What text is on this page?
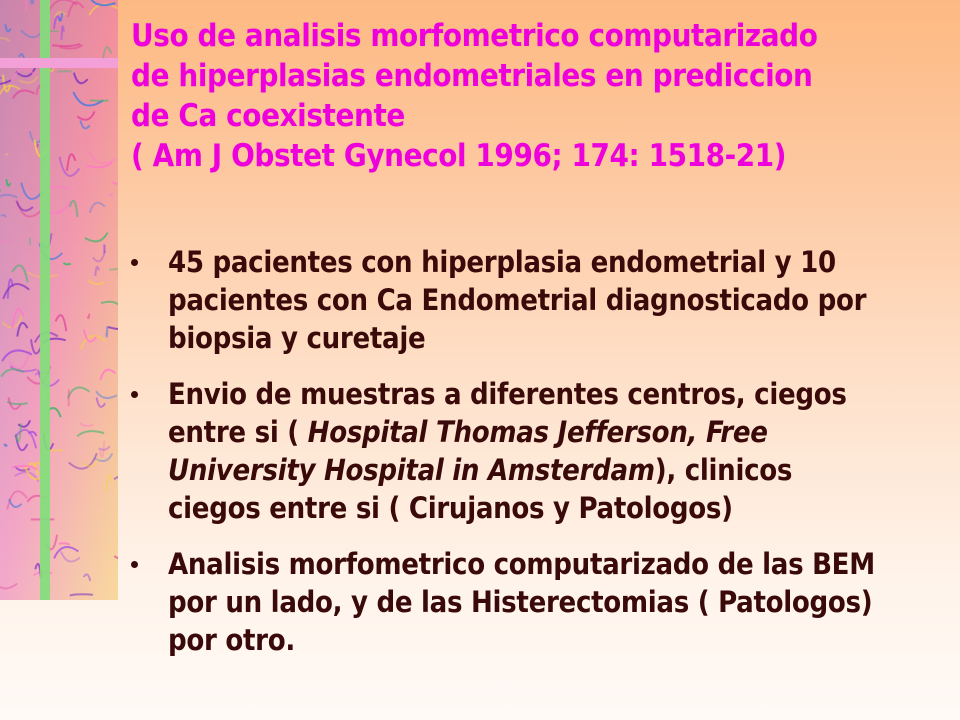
Uso de analisis morfometrico computarizado
de hiperplasias endometriales en prediccion
de Ca coexistente
( Am J Obstet Gynecol 1996; 174: 1518-21)
45 pacientes con hiperplasia endometrial y 10
pacientes con Ca Endometrial diagnosticado por
biopsia y curetaje
Envio de muestras a diferentes centros, ciegos
entre si ( Hospital Thomas Jefferson, Free
University Hospital in Amsterdam), clinicos
ciegos entre si ( Cirujanos y Patologos)
Analisis morfometrico computarizado de las BEM
por un lado, y de las Histerectomias ( Patologos)
por otro.
